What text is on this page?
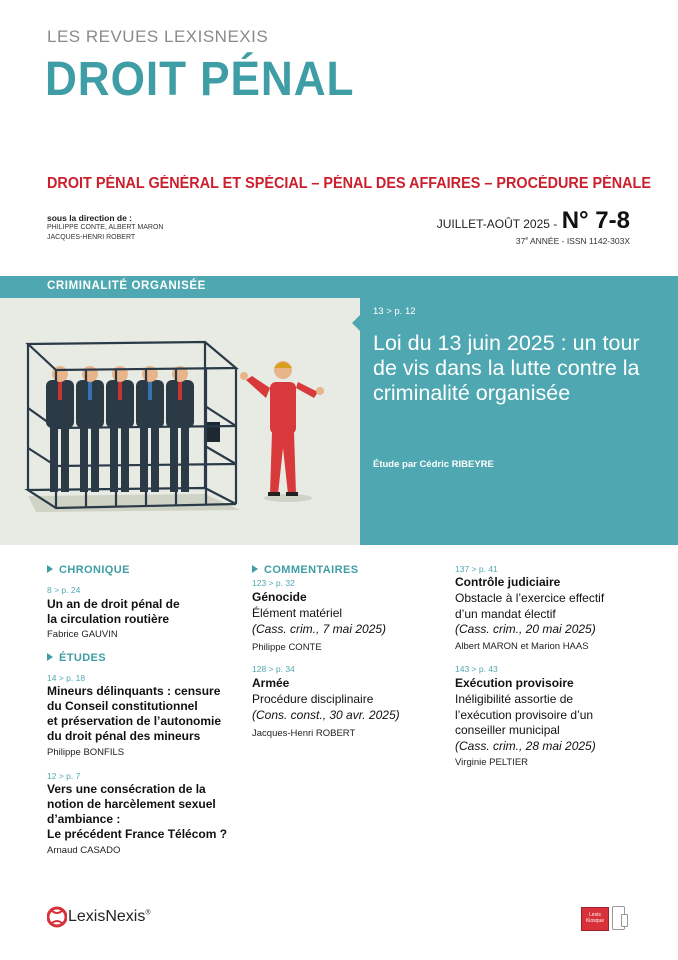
LES REVUES LEXISNEXIS
DROIT PÉNAL
DROIT PÉNAL GÉNÉRAL ET SPÉCIAL – PÉNAL DES AFFAIRES – PROCÉDURE PÉNALE
sous la direction de :
PHILIPPE CONTE, ALBERT MARON
JACQUES-HENRI ROBERT
JUILLET-AOÛT 2025 - N° 7-8
37e ANNÉE - ISSN 1142-303X
CRIMINALITÉ ORGANISÉE
13 > p. 12
Loi du 13 juin 2025 : un tour de vis dans la lutte contre la criminalité organisée
Étude par Cédric RIBEYRE
CHRONIQUE
8 > p. 24
Un an de droit pénal de
la circulation routière
Fabrice GAUVIN
ÉTUDES
14 > p. 18
Mineurs délinquants : censure
du Conseil constitutionnel
et préservation de l’autonomie
du droit pénal des mineurs
Philippe BONFILS
12 > p. 7
Vers une consécration de la
notion de harcèlement sexuel
d’ambiance :
Le précédent France Télécom ?
Arnaud CASADO
COMMENTAIRES
123 > p. 32
Génocide
Élément matériel
(Cass. crim., 7 mai 2025)
Philippe CONTE
128 > p. 34
Armée
Procédure disciplinaire
(Cons. const., 30 avr. 2025)
Jacques-Henri ROBERT
137 > p. 41
Contrôle judiciaire
Obstacle à l’exercice effectif
d’un mandat électif
(Cass. crim., 20 mai 2025)
Albert MARON et Marion HAAS
143 > p. 43
Exécution provisoire
Inéligibilité assortie de
l’exécution provisoire d’un
conseiller municipal
(Cass. crim., 28 mai 2025)
Virginie PELTIER
LexisNexis®	Lexis
Kiosque
